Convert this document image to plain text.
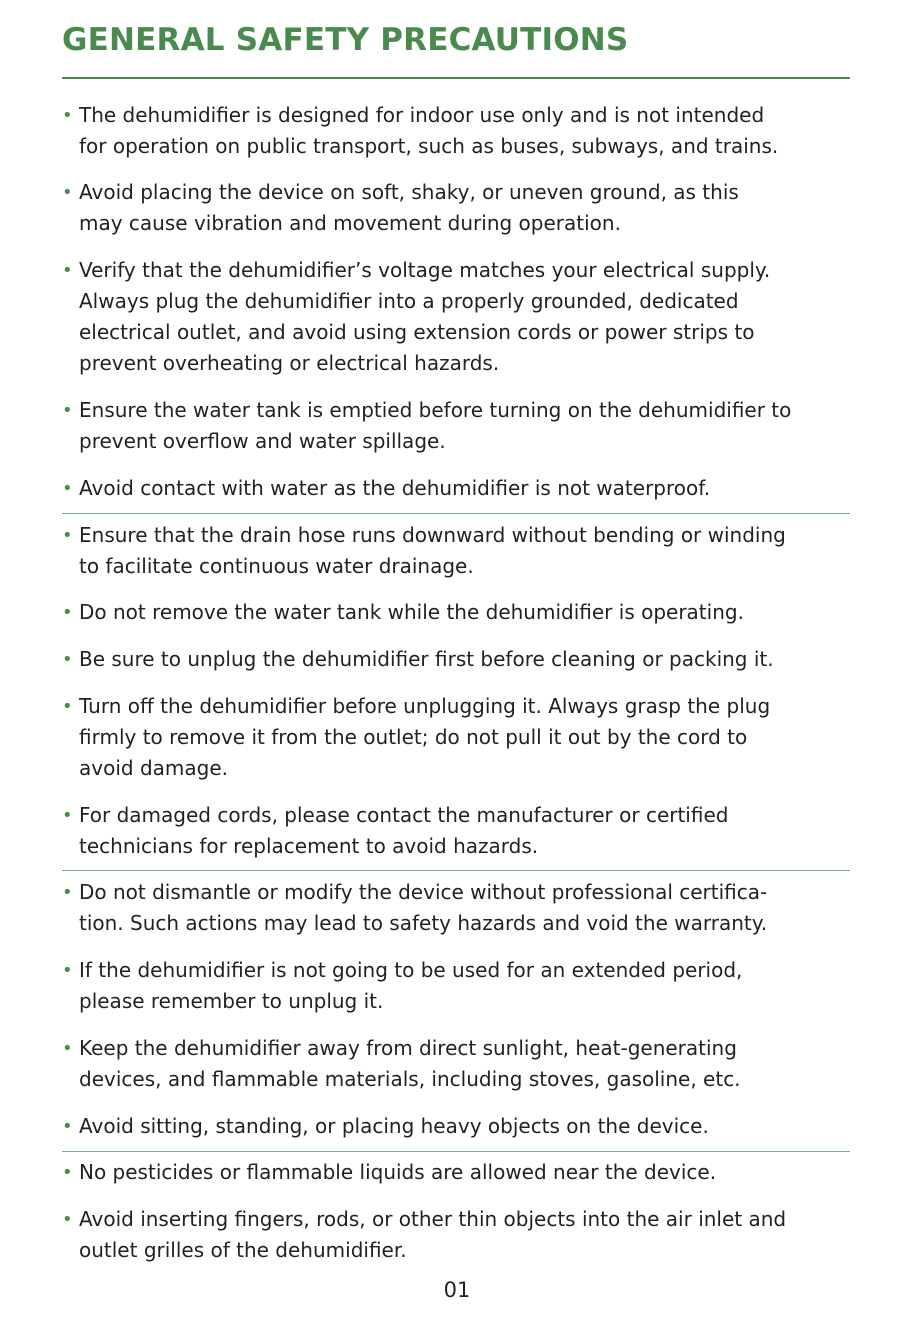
GENERAL SAFETY PRECAUTIONS
• The dehumidifier is designed for indoor use only and is not intended
for operation on public transport, such as buses, subways, and trains.
• Avoid placing the device on soft, shaky, or uneven ground, as this
may cause vibration and movement during operation.
• Verify that the dehumidifier’s voltage matches your electrical supply.
Always plug the dehumidifier into a properly grounded, dedicated
electrical outlet, and avoid using extension cords or power strips to
prevent overheating or electrical hazards.
• Ensure the water tank is emptied before turning on the dehumidifier to
prevent overflow and water spillage.
• Avoid contact with water as the dehumidifier is not waterproof.
• Ensure that the drain hose runs downward without bending or winding
to facilitate continuous water drainage.
• Do not remove the water tank while the dehumidifier is operating.
• Be sure to unplug the dehumidifier first before cleaning or packing it.
• Turn off the dehumidifier before unplugging it. Always grasp the plug
firmly to remove it from the outlet; do not pull it out by the cord to
avoid damage.
• For damaged cords, please contact the manufacturer or certified
technicians for replacement to avoid hazards.
• Do not dismantle or modify the device without professional certifica-
tion. Such actions may lead to safety hazards and void the warranty.
• If the dehumidifier is not going to be used for an extended period,
please remember to unplug it.
• Keep the dehumidifier away from direct sunlight, heat-generating
devices, and flammable materials, including stoves, gasoline, etc.
• Avoid sitting, standing, or placing heavy objects on the device.
• No pesticides or flammable liquids are allowed near the device.
• Avoid inserting fingers, rods, or other thin objects into the air inlet and
outlet grilles of the dehumidifier.
01
